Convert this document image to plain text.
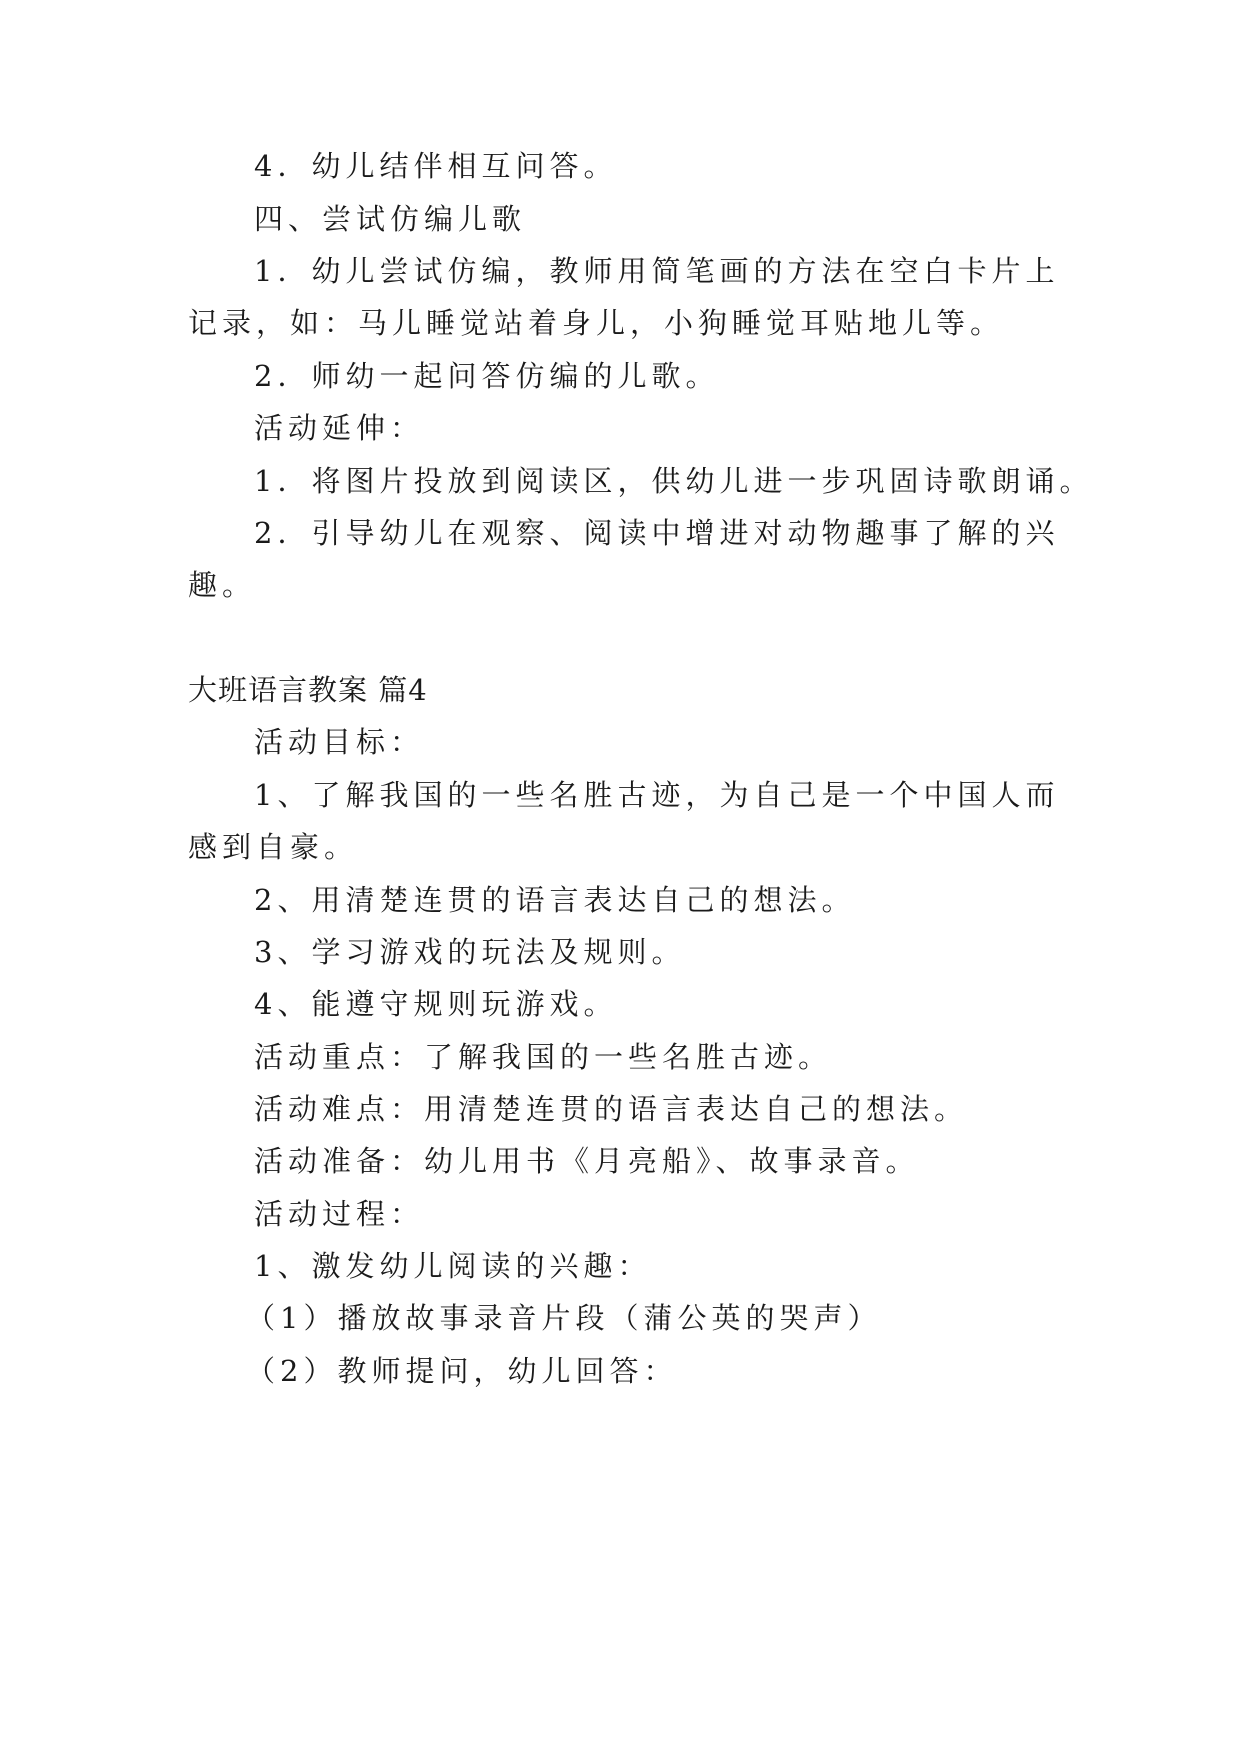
4．幼儿结伴相互问答。
四、尝试仿编儿歌
1．幼儿尝试仿编，教师用简笔画的方法在空白卡片上
记录，如：马儿睡觉站着身儿，小狗睡觉耳贴地儿等。
2．师幼一起问答仿编的儿歌。
活动延伸：
1．将图片投放到阅读区，供幼儿进一步巩固诗歌朗诵。
2．引导幼儿在观察、阅读中增进对动物趣事了解的兴
趣。
大班语言教案 篇4
活动目标：
1、了解我国的一些名胜古迹，为自己是一个中国人而
感到自豪。
2、用清楚连贯的语言表达自己的想法。
3、学习游戏的玩法及规则。
4、能遵守规则玩游戏。
活动重点：了解我国的一些名胜古迹。
活动难点：用清楚连贯的语言表达自己的想法。
活动准备：幼儿用书《月亮船》、故事录音。
活动过程：
1、激发幼儿阅读的兴趣：
（1）播放故事录音片段（蒲公英的哭声）
（2）教师提问，幼儿回答：
